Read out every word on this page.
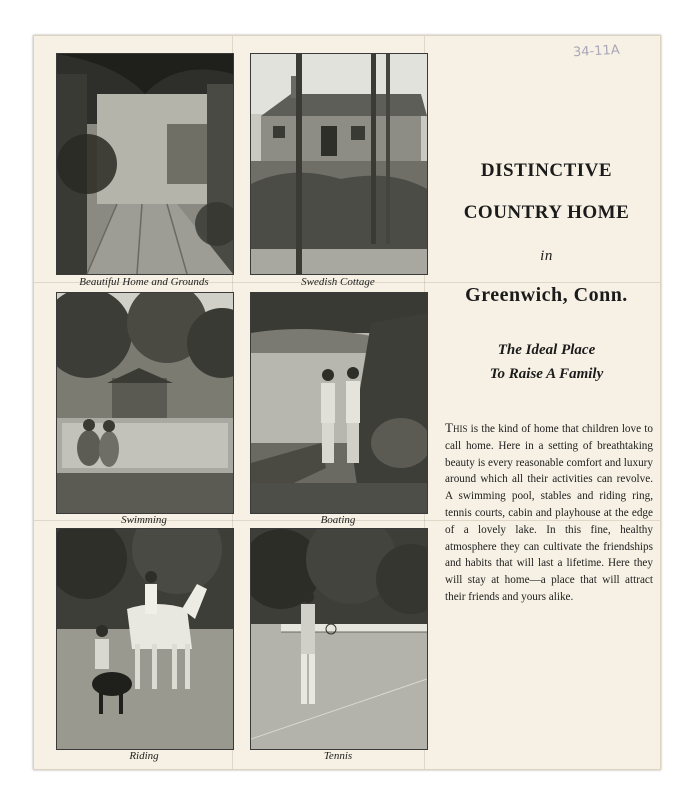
34-11A
Beautiful Home and Grounds	Swedish Cottage
Swimming	Boating
Riding	Tennis
DISTINCTIVE
COUNTRY HOME
in
Greenwich, Conn.
The Ideal Place
To Raise A Family
This is the kind of home that children love to call home. Here in a setting of breathtaking beauty is every reasonable comfort and luxury around which all their activities can revolve. A swimming pool, stables and riding ring, tennis courts, cabin and playhouse at the edge of a lovely lake. In this fine, healthy atmosphere they can cultivate the friendships and habits that will last a lifetime. Here they will stay at home—a place that will attract their friends and yours alike.
